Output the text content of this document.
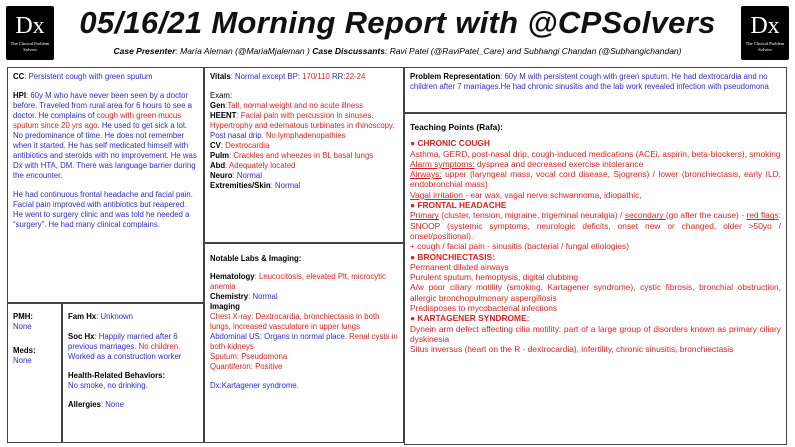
Dx
The Clinical Problem Solvers
Dx
The Clinical Problem Solvers
05/16/21 Morning Report with @CPSolvers
Case Presenter: María Aleman (@MariaMjaleman ) Case Discussants: Ravi Patel (@RaviPatel_Care) and Subhangi Chandan (@Subhangichandan)
CC: Persistent cough with green sputum
HPI: 60y M who have never been seen by a doctor before. Traveled from rural area for 6 hours to see a doctor. He complains of cough with green mucus sputum since 20 yrs ago. He used to get sick a lot. No predominance of time. He does not remember when it started. He has self medicated himself with antibiotics and steroids with no improvement. He was Dx with HTA, DM. There was language barrier during the encounter.
He had continuous frontal headache and facial pain. Facial pain improved with antibiotics but reapered. He went to surgery clinic and was told he needed a “surgery”. He had many clinical complains.
PMH:
None
Meds:
None
Fam Hx: Unknown
Soc Hx: Happily married after 6 previous marriages. No children. Worked as a construction worker
Health-Related Behaviors:
No smoke, no drinking.
Allergies: None
Vitals: Normal except BP: 170/110 RR:22-24
Exam:
Gen:Tall, normal weight and no acute illness
HEENT: Facial pain with percussion in sinuses. Hypertrophy and edematous turbinates in rhinoscopy. Post nasal drip. No lymphadenopathies
CV: Dextrocardia
Pulm: Crackles and wheezes in BL basal lungs
Abd: Adequately located
Neuro: Normal
Extremities/Skin: Normal
Notable Labs & Imaging:
Hematology: Leucocitosis, elevated Plt, microcytic anemia
Chemistry: Normal
Imaging
Chest X-ray: Dextrocardia, bronchiectasis in both lungs, increased vasculature in upper lungs
Abdominal US: Organs in normal place. Renal cysts in both kidneys
Sputum: Pseudomona
Quantiferon: Positive
Dx:Kartagener syndrome.
Problem Representation: 60y M with persistent cough with green sputum. He had dextrocardia and no children after 7 marriages.He had chronic sinusitis and the lab work revealed infection with pseudomona
Teaching Points (Rafa):
● CHRONIC COUGH
Asthma, GERD, post-nasal drip, cough-induced medications (ACEi, aspirin, beta-blockers), smoking
Alarm symptoms: dyspnea and decreased exercise intolerance
Airways: upper (laryngeal mass, vocal cord disease, Sjogrens) / lower (bronchiectasis, early ILD, endobronchial mass)
Vagal irritation - ear wax, vagal nerve schwannoma, idiopathic,
● FRONTAL HEADACHE
Primary (cluster, tension, migraine, trigeminal neuralgia) / secondary (go after the cause) - red flags: SNOOP (systemic symptoms, neurologic deficits, onset new or changed, older >50yo / onset/positional).
+ cough / facial pain - sinusitis (bacterial / fungal etiologies)
● BRONCHIECTASIS:
Permanent dilated airways
Purulent sputum, hemoptysis, digital clubbing
A/w poor ciliary motility (smoking, Kartagener syndrome), cystic fibrosis, bronchial obstruction, allergic bronchopulmonary aspergillosis
Predisposes to mycobacterial infections
● KARTAGENER SYNDROME:
Dynein arm defect affecting cilia motility: part of a large group of disorders known as primary ciliary dyskinesia
Situs inversus (heart on the R - dextrocardia), infertility, chronic sinusitis, bronchiectasis
